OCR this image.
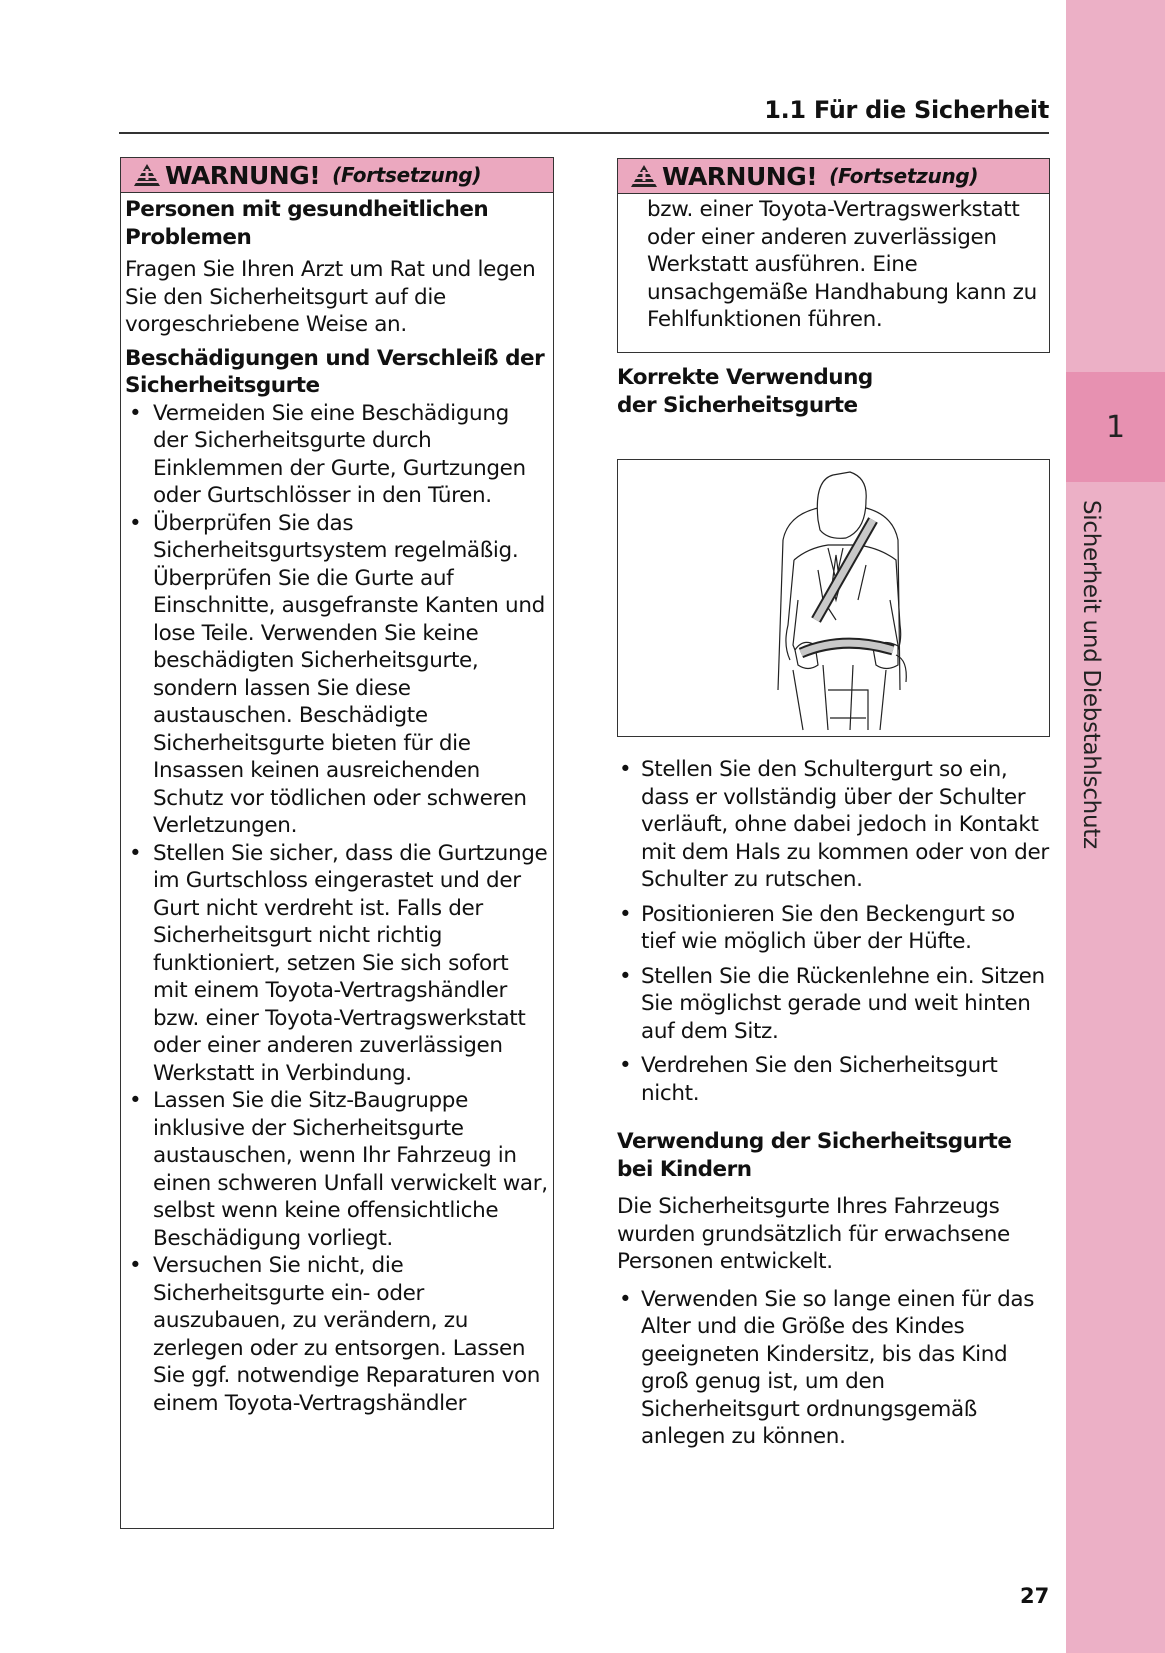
1
Sicherheit und Diebstahlschutz
1.1 Für die Sicherheit
WARNUNG! (Fortsetzung)
Personen mit gesundheitlichen Problemen
Fragen Sie Ihren Arzt um Rat und legen Sie den Sicherheitsgurt auf die vorgeschriebene Weise an.
Beschädigungen und Verschleiß der Sicherheitsgurte
• Vermeiden Sie eine Beschädigung der Sicherheitsgurte durch Einklemmen der Gurte, Gurtzungen oder Gurtschlösser in den Türen.
• Überprüfen Sie das Sicherheitsgurtsystem regelmäßig. Überprüfen Sie die Gurte auf Einschnitte, ausgefranste Kanten und lose Teile. Verwenden Sie keine beschädigten Sicherheitsgurte, sondern lassen Sie diese austauschen. Beschädigte Sicherheitsgurte bieten für die Insassen keinen ausreichenden Schutz vor tödlichen oder schweren Verletzungen.
• Stellen Sie sicher, dass die Gurtzunge im Gurtschloss eingerastet und der Gurt nicht verdreht ist. Falls der Sicherheitsgurt nicht richtig funktioniert, setzen Sie sich sofort mit einem Toyota-Vertragshändler bzw. einer Toyota-Vertragswerkstatt oder einer anderen zuverlässigen Werkstatt in Verbindung.
• Lassen Sie die Sitz-Baugruppe inklusive der Sicherheitsgurte austauschen, wenn Ihr Fahrzeug in einen schweren Unfall verwickelt war, selbst wenn keine offensichtliche Beschädigung vorliegt.
• Versuchen Sie nicht, die Sicherheitsgurte ein- oder auszubauen, zu verändern, zu zerlegen oder zu entsorgen. Lassen Sie ggf. notwendige Reparaturen von einem Toyota-Vertragshändler
WARNUNG! (Fortsetzung)
bzw. einer Toyota-Vertragswerkstatt oder einer anderen zuverlässigen Werkstatt ausführen. Eine unsachgemäße Handhabung kann zu Fehlfunktionen führen.
Korrekte Verwendung der Sicherheitsgurte
• Stellen Sie den Schultergurt so ein, dass er vollständig über der Schulter verläuft, ohne dabei jedoch in Kontakt mit dem Hals zu kommen oder von der Schulter zu rutschen.
• Positionieren Sie den Beckengurt so tief wie möglich über der Hüfte.
• Stellen Sie die Rückenlehne ein. Sitzen Sie möglichst gerade und weit hinten auf dem Sitz.
• Verdrehen Sie den Sicherheitsgurt nicht.
Verwendung der Sicherheitsgurte bei Kindern
Die Sicherheitsgurte Ihres Fahrzeugs wurden grundsätzlich für erwachsene Personen entwickelt.
• Verwenden Sie so lange einen für das Alter und die Größe des Kindes geeigneten Kindersitz, bis das Kind groß genug ist, um den Sicherheitsgurt ordnungsgemäß anlegen zu können.
27
